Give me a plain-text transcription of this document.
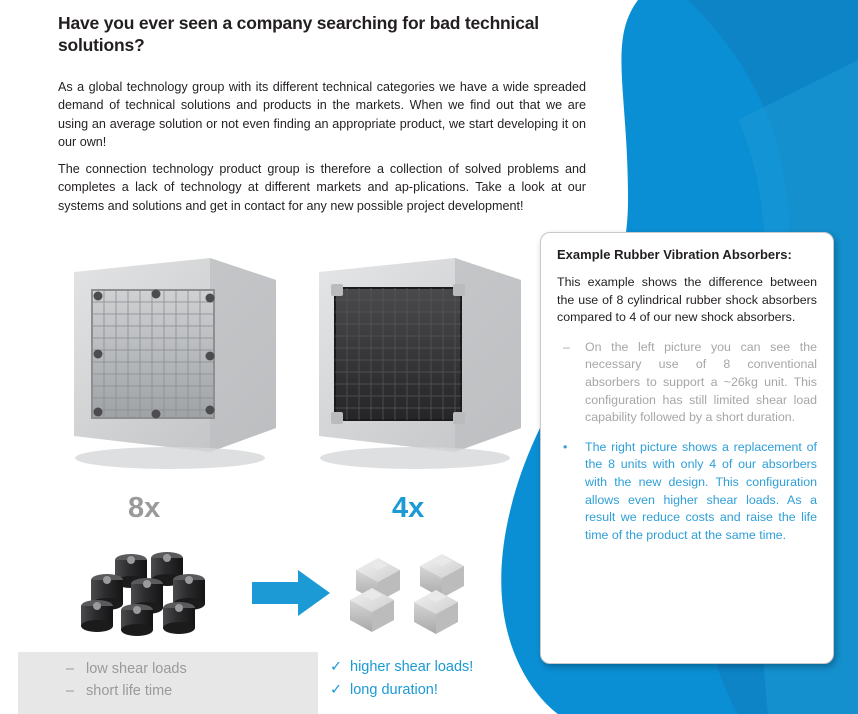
Have you ever seen a company searching for bad technical solutions?
As a global technology group with its different technical categories we have a wide spreaded demand of technical solutions and products in the markets. When we find out that we are using an average solution or not even finding an appropriate product, we start developing it on our own!
The connection technology product group is therefore a collection of solved problems and completes a lack of technology at different markets and ap-plications. Take a look at our systems and solutions and get in contact for any new possible project development!
8x	4x
– low shear loads
– short life time
✓ higher shear loads!
✓ long duration!
Example Rubber Vibration Absorbers:
This example shows the difference between the use of 8 cylindrical rubber shock absorbers compared to 4 of our new shock absorbers.
– On the left picture you can see the necessary use of 8 conventional absorbers to support a ~26kg unit. This configuration has still limited shear load capability followed by a short duration.
• The right picture shows a replacement of the 8 units with only 4 of our absorbers with the new design. This configuration allows even higher shear loads. As a result we reduce costs and raise the life time of the product at the same time.
